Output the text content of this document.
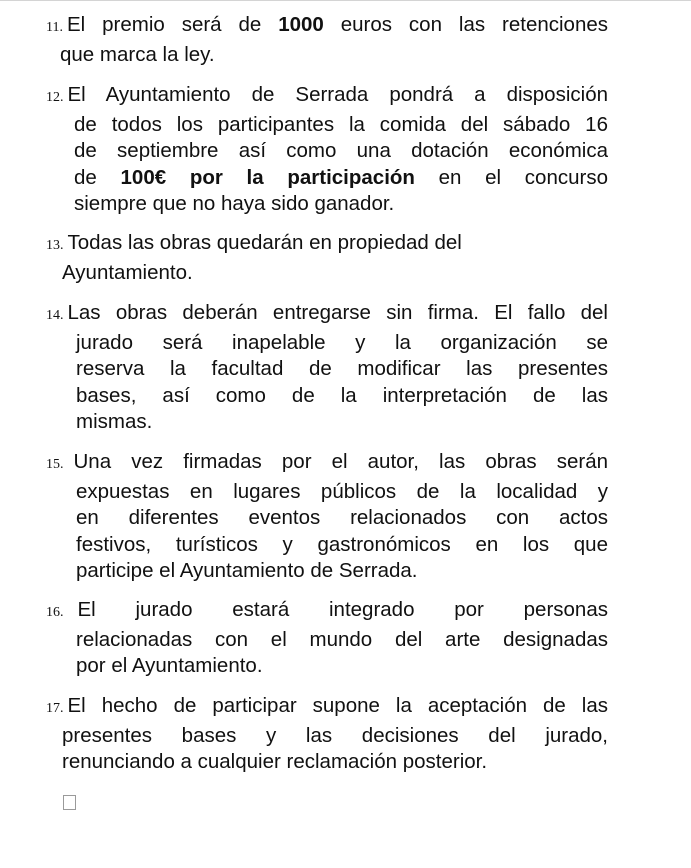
11. El premio será de 1000 euros con las retenciones
que marca la ley.
12. El Ayuntamiento de Serrada pondrá a disposición
de todos los participantes la comida del sábado 16
de septiembre así como una dotación económica
de 100€ por la participación en el concurso
siempre que no haya sido ganador.
13. Todas las obras quedarán en propiedad del
Ayuntamiento.
14. Las obras deberán entregarse sin firma. El fallo del
jurado será inapelable y la organización se
reserva la facultad de modificar las presentes
bases, así como de la interpretación de las
mismas.
15. Una vez firmadas por el autor, las obras serán
expuestas en lugares públicos de la localidad y
en diferentes eventos relacionados con actos
festivos, turísticos y gastronómicos en los que
participe el Ayuntamiento de Serrada.
16. El jurado estará integrado por personas
relacionadas con el mundo del arte designadas
por el Ayuntamiento.
17. El hecho de participar supone la aceptación de las
presentes bases y las decisiones del jurado,
renunciando a cualquier reclamación posterior.
